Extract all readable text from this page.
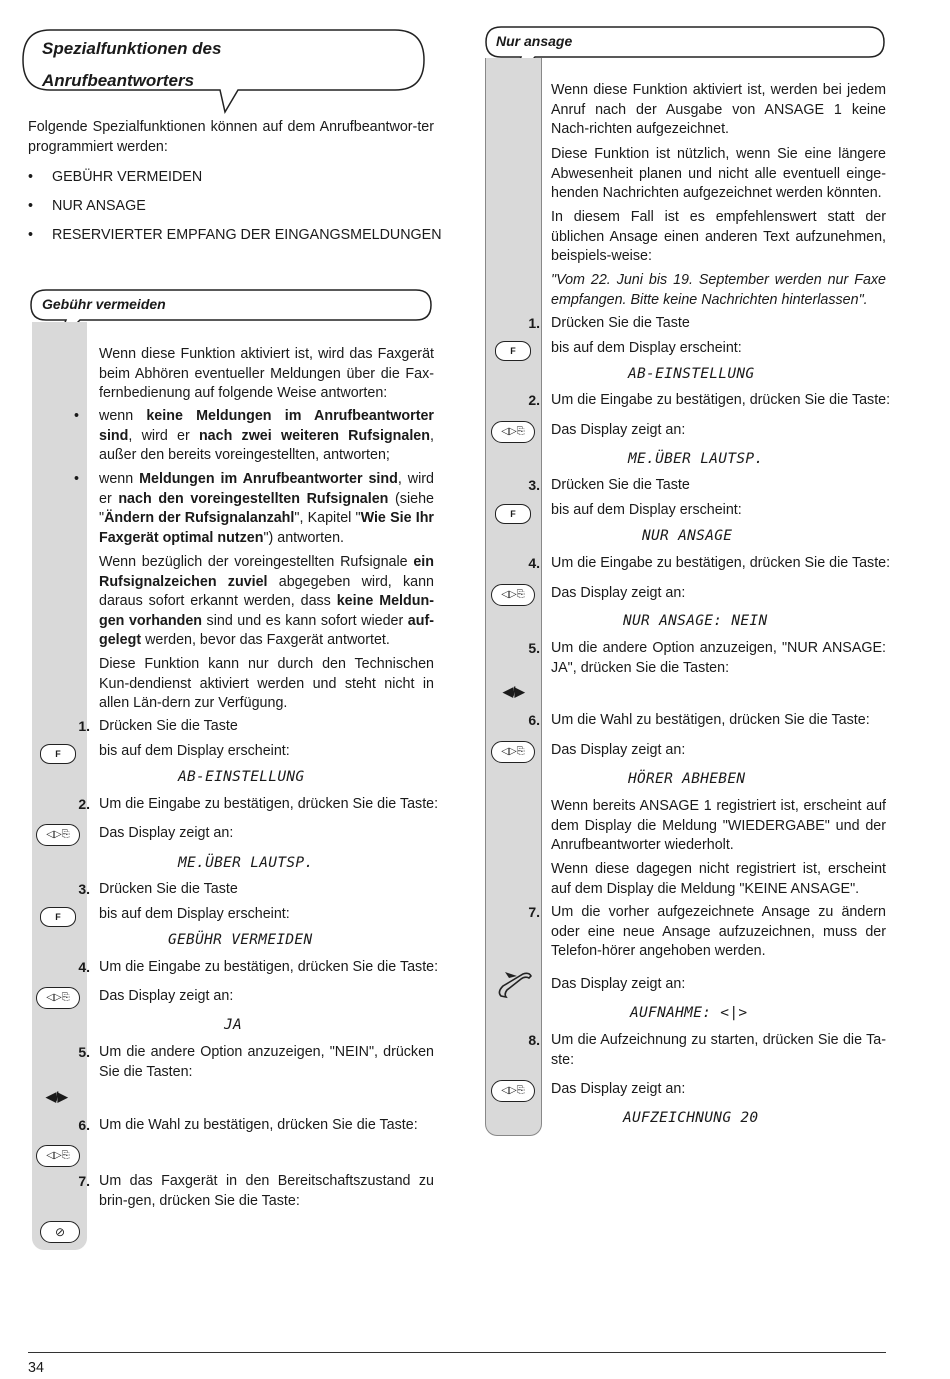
Spezialfunktionen des
Anrufbeantworters
Folgende Spezialfunktionen können auf dem Anrufbeantwor-ter programmiert werden:
• GEBÜHR VERMEIDEN
• NUR ANSAGE
• RESERVIERTER EMPFANG DER EINGANGSMELDUNGEN
Gebühr vermeiden
Wenn diese Funktion aktiviert ist, wird das Faxgerät beim Abhören eventueller Meldungen über die Fax-fernbedienung auf folgende Weise antworten:
• wenn keine Meldungen im Anrufbeantworter sind, wird er nach zwei weiteren Rufsignalen, außer den bereits voreingestellten, antworten;
• wenn Meldungen im Anrufbeantworter sind, wird er nach den voreingestellten Rufsignalen (siehe "Ändern der Rufsignalanzahl", Kapitel "Wie Sie Ihr Faxgerät optimal nutzen") antworten.
Wenn bezüglich der voreingestellten Rufsignale ein Rufsignalzeichen zuviel abgegeben wird, kann daraus sofort erkannt werden, dass keine Meldun-gen vorhanden sind und es kann sofort wieder auf-gelegt werden, bevor das Faxgerät antwortet.
Diese Funktion kann nur durch den Technischen Kun-dendienst aktiviert werden und steht nicht in allen Län-dern zur Verfügung.
1. Drücken Sie die Taste
F	bis auf dem Display erscheint:
AB-EINSTELLUNG
2. Um die Eingabe zu bestätigen, drücken Sie die Taste:
◁▷⎘	Das Display zeigt an:
ME.ÜBER LAUTSP.
3. Drücken Sie die Taste
F	bis auf dem Display erscheint:
GEBÜHR VERMEIDEN
4. Um die Eingabe zu bestätigen, drücken Sie die Taste:
◁▷⎘	Das Display zeigt an:
JA
5. Um die andere Option anzuzeigen, "NEIN", drücken Sie die Tasten:
◀/▶
6. Um die Wahl zu bestätigen, drücken Sie die Taste:
◁▷⎘
7. Um das Faxgerät in den Bereitschaftszustand zu brin-gen, drücken Sie die Taste:
⊘
Nur ansage
Wenn diese Funktion aktiviert ist, werden bei jedem Anruf nach der Ausgabe von ANSAGE 1 keine Nach-richten aufgezeichnet.
Diese Funktion ist nützlich, wenn Sie eine längere Abwesenheit planen und nicht alle eventuell einge-henden Nachrichten aufgezeichnet werden könnten.
In diesem Fall ist es empfehlenswert statt der üblichen Ansage einen anderen Text aufzunehmen, beispiels-weise:
"Vom 22. Juni bis 19. September werden nur Faxe empfangen. Bitte keine Nachrichten hinterlassen".
1. Drücken Sie die Taste
F	bis auf dem Display erscheint:
AB-EINSTELLUNG
2. Um die Eingabe zu bestätigen, drücken Sie die Taste:
◁▷⎘	Das Display zeigt an:
ME.ÜBER LAUTSP.
3. Drücken Sie die Taste
F	bis auf dem Display erscheint:
NUR ANSAGE
4. Um die Eingabe zu bestätigen, drücken Sie die Taste:
◁▷⎘	Das Display zeigt an:
NUR ANSAGE: NEIN
5. Um die andere Option anzuzeigen, "NUR ANSAGE: JA", drücken Sie die Tasten:
◀/▶
6. Um die Wahl zu bestätigen, drücken Sie die Taste:
◁▷⎘	Das Display zeigt an:
HÖRER ABHEBEN
Wenn bereits ANSAGE 1 registriert ist, erscheint auf dem Display die Meldung "WIEDERGABE" und der Anrufbeantworter wiederholt.
Wenn diese dagegen nicht registriert ist, erscheint auf dem Display die Meldung "KEINE ANSAGE".
7. Um die vorher aufgezeichnete Ansage zu ändern oder eine neue Ansage aufzuzeichnen, muss der Telefon-hörer angehoben werden.
Das Display zeigt an:
AUFNAHME: <|>
8. Um die Aufzeichnung zu starten, drücken Sie die Ta-ste:
◁▷⎘	Das Display zeigt an:
AUFZEICHNUNG 20
34
